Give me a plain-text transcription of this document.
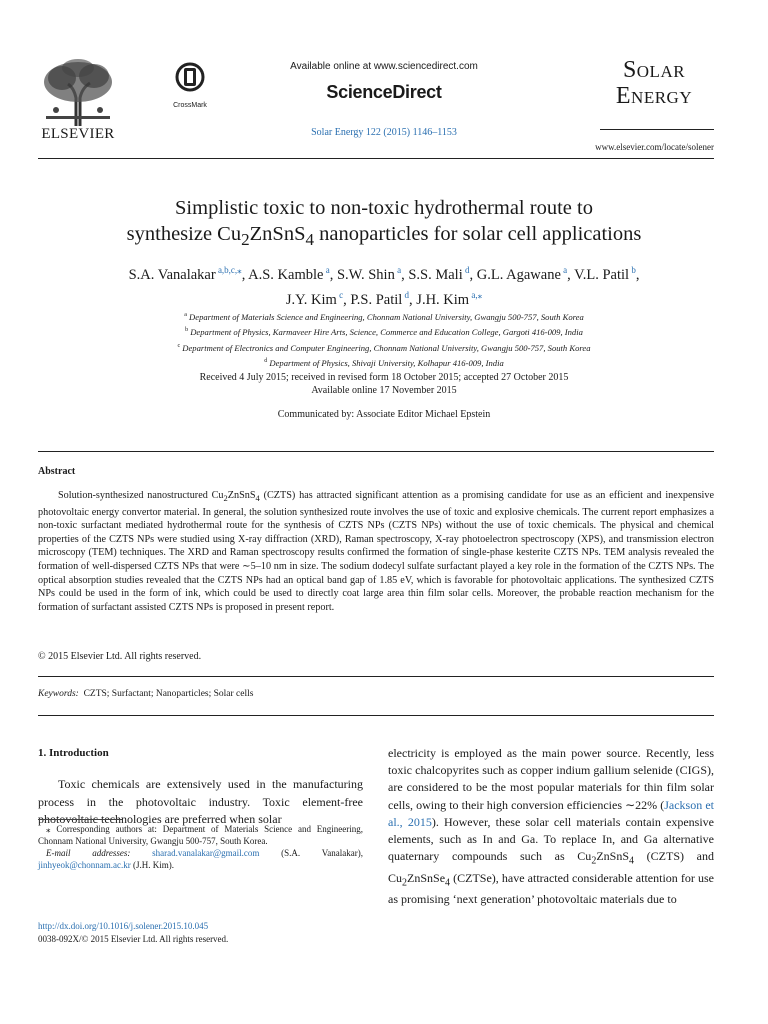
ELSEVIER
CrossMark
Available online at www.sciencedirect.com
ScienceDirect
Solar Energy 122 (2015) 1146–1153
Solar
Energy
www.elsevier.com/locate/solener
Simplistic toxic to non-toxic hydrothermal route to
synthesize $Cu_2ZnSnS_4$ nanoparticles for solar cell applications
S.A. Vanalakar $^{a,b,c,⁎}$, A.S. Kamble $^a$, S.W. Shin $^a$, S.S. Mali $^d$, G.L. Agawane $^a$, V.L. Patil $^b$,
J.Y. Kim $^c$, P.S. Patil $^d$, J.H. Kim $^{a,⁎}$
$^a$ Department of Materials Science and Engineering, Chonnam National University, Gwangju 500-757, South Korea
$^b$ Department of Physics, Karmaveer Hire Arts, Science, Commerce and Education College, Gargoti 416-009, India
$^c$ Department of Electronics and Computer Engineering, Chonnam National University, Gwangju 500-757, South Korea
$^d$ Department of Physics, Shivaji University, Kolhapur 416-009, India
Received 4 July 2015; received in revised form 18 October 2015; accepted 27 October 2015
Available online 17 November 2015
Communicated by: Associate Editor Michael Epstein
Abstract

Solution-synthesized nanostructured $Cu_2ZnSnS_4$ (CZTS) has attracted significant attention as a promising candidate for use as an efficient and inexpensive photovoltaic energy convertor material. In general, the solution synthesized route involves the use of toxic and explosive chemicals. The current report emphasizes a non-toxic surfactant mediated hydrothermal route for the synthesis of CZTS NPs (CZTS NPs) without the use of toxic chemicals. The physical and chemical properties of the CZTS NPs were studied using X-ray diffraction (XRD), Raman spectroscopy, X-ray photoelectron spectroscopy (XPS), and transmission electron microscopy (TEM) techniques. The XRD and Raman spectroscopy results confirmed the formation of single-phase kesterite CZTS NPs. TEM analysis revealed the formation of well-dispersed CZTS NPs that were ∼5–10 nm in size. The sodium dodecyl sulfate surfactant played a key role in the formation of the CZTS NPs. The optical absorption studies revealed that the CZTS NPs had an optical band gap of 1.85 eV, which is favorable for photovoltaic applications. The synthesized CZTS NPs could be used in the form of ink, which could be used to directly coat large area thin film solar cells. Moreover, the probable reaction mechanism for the formation of surfactant assisted CZTS NPs is proposed in present report.

© 2015 Elsevier Ltd. All rights reserved.
Keywords: CZTS; Surfactant; Nanoparticles; Solar cells
1. Introduction

Toxic chemicals are extensively used in the manufacturing process in the photovoltaic industry. Toxic element-free photovoltaic technologies are preferred when solar

electricity is employed as the main power source. Recently, less toxic chalcopyrites such as copper indium gallium selenide (CIGS), are considered to be the most popular materials for thin film solar cells, owing to their high conversion efficiencies ∼22% (Jackson et al., 2015). However, these solar cell materials contain expensive elements, such as In and Ga. To replace In, and Ga alternative quaternary compounds such as $Cu_2ZnSnS_4$ (CZTS) and $Cu_2ZnSnSe_4$ (CZTSe), have attracted considerable attention for use as promising ‘next generation’ photovoltaic materials due to

⁎ Corresponding authors at: Department of Materials Science and Engineering, Chonnam National University, Gwangju 500-757, South Korea.

E-mail addresses: sharad.vanalakar@gmail.com (S.A. Vanalakar), jinhyeok@chonnam.ac.kr (J.H. Kim).

http://dx.doi.org/10.1016/j.solener.2015.10.045
0038-092X/© 2015 Elsevier Ltd. All rights reserved.
